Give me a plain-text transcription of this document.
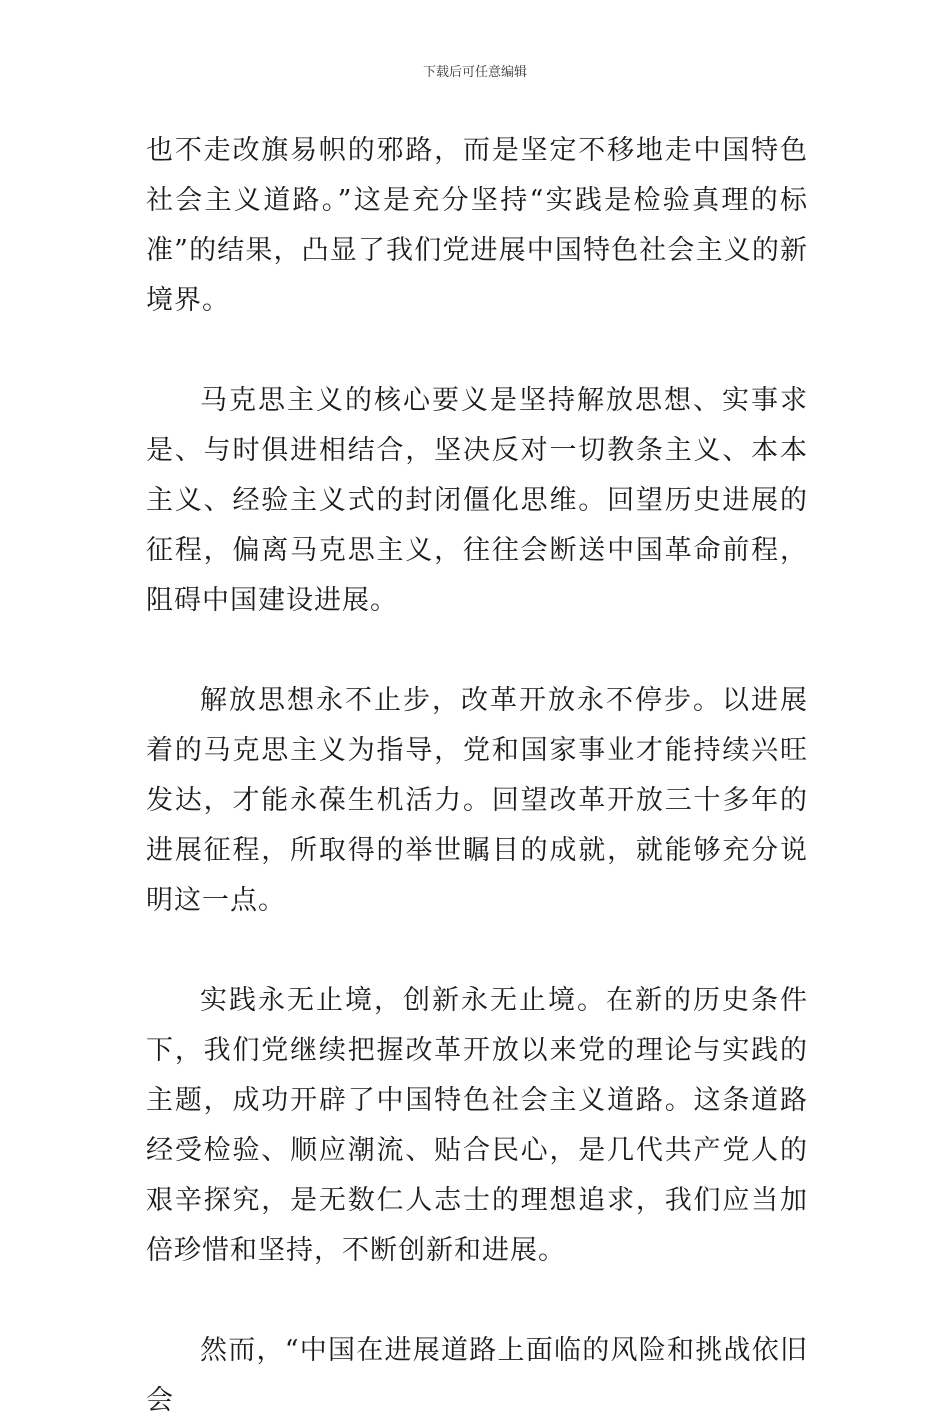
下载后可任意编辑

也不走改旗易帜的邪路，而是坚定不移地走中国特色社会主义道路。”这是充分坚持“实践是检验真理的标准”的结果，凸显了我们党进展中国特色社会主义的新境界。

马克思主义的核心要义是坚持解放思想、实事求是、与时俱进相结合，坚决反对一切教条主义、本本主义、经验主义式的封闭僵化思维。回望历史进展的征程，偏离马克思主义，往往会断送中国革命前程，阻碍中国建设进展。

解放思想永不止步，改革开放永不停步。以进展着的马克思主义为指导，党和国家事业才能持续兴旺发达，才能永葆生机活力。回望改革开放三十多年的进展征程，所取得的举世瞩目的成就，就能够充分说明这一点。

实践永无止境，创新永无止境。在新的历史条件下，我们党继续把握改革开放以来党的理论与实践的主题，成功开辟了中国特色社会主义道路。这条道路经受检验、顺应潮流、贴合民心，是几代共产党人的艰辛探究，是无数仁人志士的理想追求，我们应当加倍珍惜和坚持，不断创新和进展。

然而，“中国在进展道路上面临的风险和挑战依旧会
